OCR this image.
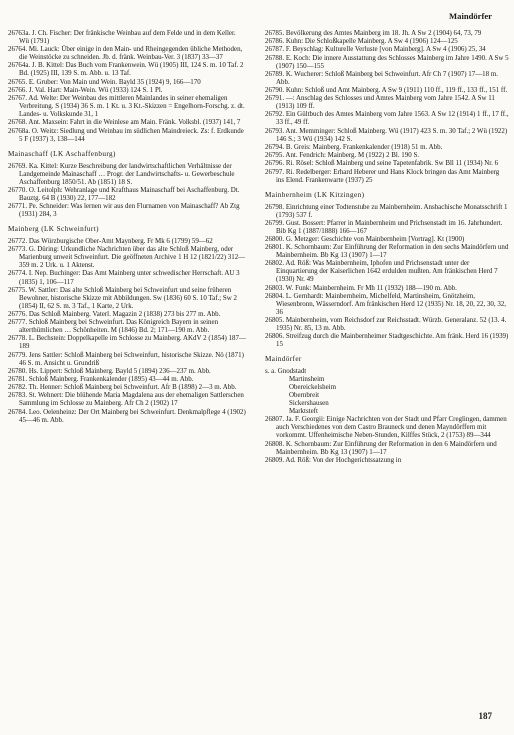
Maindörfer
26763a. J. Ch. Fischer: Der fränkische Weinbau auf dem Felde und in dem Keller. Wü (1791)
26764. Mi. Lauck: Über einige in den Main- und Rheingegenden übliche Methoden, die Weinstöcke zu schneiden. Jb. d. fränk. Weinbau-Ver. 3 (1837) 33—37
26764a. J. B. Kittel: Das Buch vom Frankenwein. Wü (1905) III, 124 S. m. 10 Taf. 2 Bd. (1925) III, 139 S. m. Abb. u. 13 Taf.
26765. E. Gruber: Von Main und Wein. Bayld 35 (1924) 9, 166—170
26766. J. Val. Hart: Main-Wein. Wü (1933) 124 S. 1 Pl.
26767. Ad. Welte: Der Weinbau des mittleren Mainlandes in seiner ehemaligen Verbreitung. S (1934) 36 S. m. 1 Kt. u. 3 Kt.-Skizzen = Engelhorn-Forschg. z. dt. Landes- u. Volkskunde 31, 1
26768. Ant. Maxsein: Fahrt in die Weinlese am Main. Fränk. Volksbl. (1937) 141, 7
26768a. O. Weitz: Siedlung und Weinbau im südlichen Maindreieck. Zs: f. Erdkunde 5 F (1937) 3, 138—144
Mainaschaff (LK Aschaffenburg)
26769. Ka. Kittel: Kurze Beschreibung der landwirtschaftlichen Verhältnisse der Landgemeinde Mainaschaff … Progr. der Landwirtschafts- u. Gewerbeschule Aschaffenburg 1850/51. Ab (1851) 18 S.
26770. O. Leitolph: Wehranlage und Krafthaus Mainaschaff bei Aschaffenburg. Dt. Bauztg. 64 B (1930) 22, 177—182
26771. Pe. Schneider: Was lernen wir aus den Flurnamen von Mainaschaff? Ab Ztg (1931) 284, 3
Mainberg (LK Schweinfurt)
26772. Das Würzburgische Ober-Amt Maynberg. Fr Mk 6 (1799) 59—62
26773. G. Düring: Urkundliche Nachrichten über das alte Schloß Mainberg, oder Marienburg unweit Schweinfurt. Die geöffneten Archive 1 H 12 (1821/22) 312—359 m. 2 Urk. u. 1 Aktenst.
26774. I. Nep. Buchinger: Das Amt Mainberg unter schwedischer Herrschaft. AU 3 (1835) 1, 106—117
26775. W. Sattler: Das alte Schloß Mainberg bei Schweinfurt und seine früheren Bewohner, historische Skizze mit Abbildungen. Sw (1836) 60 S. 10 Taf.; Sw 2 (1854) II, 62 S. m. 3 Taf., 1 Karte, 2 Urk.
26776. Das Schloß Mainberg. Vaterl. Magazin 2 (1838) 273 bis 277 m. Abb.
26777. Schloß Mainberg bei Schweinfurt. Das Königreich Bayern in seinen alterthümlichen … Schönheiten. M (1846) Bd. 2; 171—190 m. Abb.
26778. L. Bechstein: Doppelkapelle im Schlosse zu Mainberg. AKdV 2 (1854) 187—189
26779. Jens Sattler: Schloß Mainberg bei Schweinfurt, historische Skizze. Nö (1871) 46 S. m. Ansicht u. Grundriß
26780. Hs. Lippert: Schloß Mainberg. Bayld 5 (1894) 236—237 m. Abb.
26781. Schloß Mainberg. Frankenkalender (1895) 43—44 m. Abb.
26782. Th. Henner: Schloß Mainberg bei Schweinfurt. Afr B (1898) 2—3 m. Abb.
26783. St. Wehnert: Die blühende Maria Magdalena aus der ehemaligen Sattlerschen Sammlung im Schlosse zu Mainberg. Afr Ch 2 (1902) 17
26784. Leo. Oelenheinz: Der Ort Mainberg bei Schweinfurt. Denkmalpflege 4 (1902) 45—46 m. Abb.
26785. Bevölkerung des Amtes Mainberg im 18. Jh. A Sw 2 (1904) 64, 73, 79
26786. Kuhn: Die Schloßkapelle Mainberg. A Sw 4 (1906) 124—125
26787. F. Beyschlag: Kulturelle Verluste [von Mainberg]. A Sw 4 (1906) 25, 34
26788. E. Koch: Die innere Ausstattung des Schlosses Mainberg im Jahre 1490. A Sw 5 (1907) 150—155
26789. K. Wucherer: Schloß Mainberg bei Schweinfurt. Afr Ch 7 (1907) 17—18 m. Abb.
26790. Kuhn: Schloß und Amt Mainberg. A Sw 9 (1911) 110 ff., 119 ff., 133 ff., 151 ff.
26791. —: Anschlag des Schlosses und Amtes Mainberg vom Jahre 1542. A Sw 11 (1913) 109 ff.
26792. Ein Gültbuch des Amtes Mainberg vom Jahre 1563. A Sw 12 (1914) 1 ff., 17 ff., 33 ff., 49 ff.
26793. Ant. Memminger: Schloß Mainberg. Wü (1917) 423 S. m. 30 Taf.; 2 Wü (1922) 146 S.; 3 Wü (1934) 142 S.
26794. B. Greis: Mainberg. Frankenkalender (1918) 51 m. Abb.
26795. Ant. Fendrich: Mainberg. M (1922) 2 Bl. 190 S.
26796. Ri. Rösel: Schloß Mainberg und seine Tapetenfabrik. Sw Bll 11 (1934) Nr. 6
26797. Ri. Redelberger: Erhard Heberer und Hans Klock bringen das Amt Mainberg ins Elend. Frankenwarte (1937) 25
Mainbernheim (LK Kitzingen)
26798. Einrichtung einer Todtenstube zu Mainbernheim. Ansbachische Monatsschrift 1 (1793) 537 f.
26799. Gust. Bossert: Pfarrer in Mainbernheim und Prichsenstadt im 16. Jahrhundert. Bib Kg 1 (1887/1888) 166—167
26800. G. Metzger: Geschichte von Mainbernheim [Vortrag]. Kt (1900)
26801. K. Schornbaum: Zur Einführung der Reformation in den sechs Maindörfern und Mainbernheim. Bb Kg 13 (1907) 1—17
26802. Ad. Röß: Was Mainbernheim, Iphofen und Prichsenstadt unter der Einquartierung der Kaiserlichen 1642 erdulden mußten. Am fränkischen Herd 7 (1930) Nr. 49
26803. W. Funk: Mainbernheim. Fr Mh 11 (1932) 188—190 m. Abb.
26804. L. Gernhardt: Mainbernheim, Michelfeld, Martinsheim, Gnötzheim, Wiesenbronn, Wässerndorf. Am fränkischen Herd 12 (1935) Nr. 18, 20, 22, 30, 32, 36
26805. Mainbernheim, vom Reichsdorf zur Reichsstadt. Würzb. Generalanz. 52 (13. 4. 1935) Nr. 85, 13 m. Abb.
26806. Streifzug durch die Mainbernheimer Stadtgeschichte. Am fränk. Herd 16 (1939) 15
Maindörfer
s. a. Gnodstadt
Martinsheim
Obereickelsheim
Obernbreit
Sickershausen
Marktsteft
26807. Ja. F. Georgii: Einige Nachrichten von der Stadt und Pfarr Creglingen, dammen auch Verschiedenes von dem Castro Brauneck und denen Mayndörffern mit vorkommt. Uffenheimische Neben-Stunden, Kilffes Stück, 2 (1753) 89—344
26808. K. Schornbaum: Zur Einführung der Reformation in den 6 Maindörfern und Mainbernheim. Bb Kg 13 (1907) 1—17
26809. Ad. Röß: Von der Hochgerichtssatzung in
187
